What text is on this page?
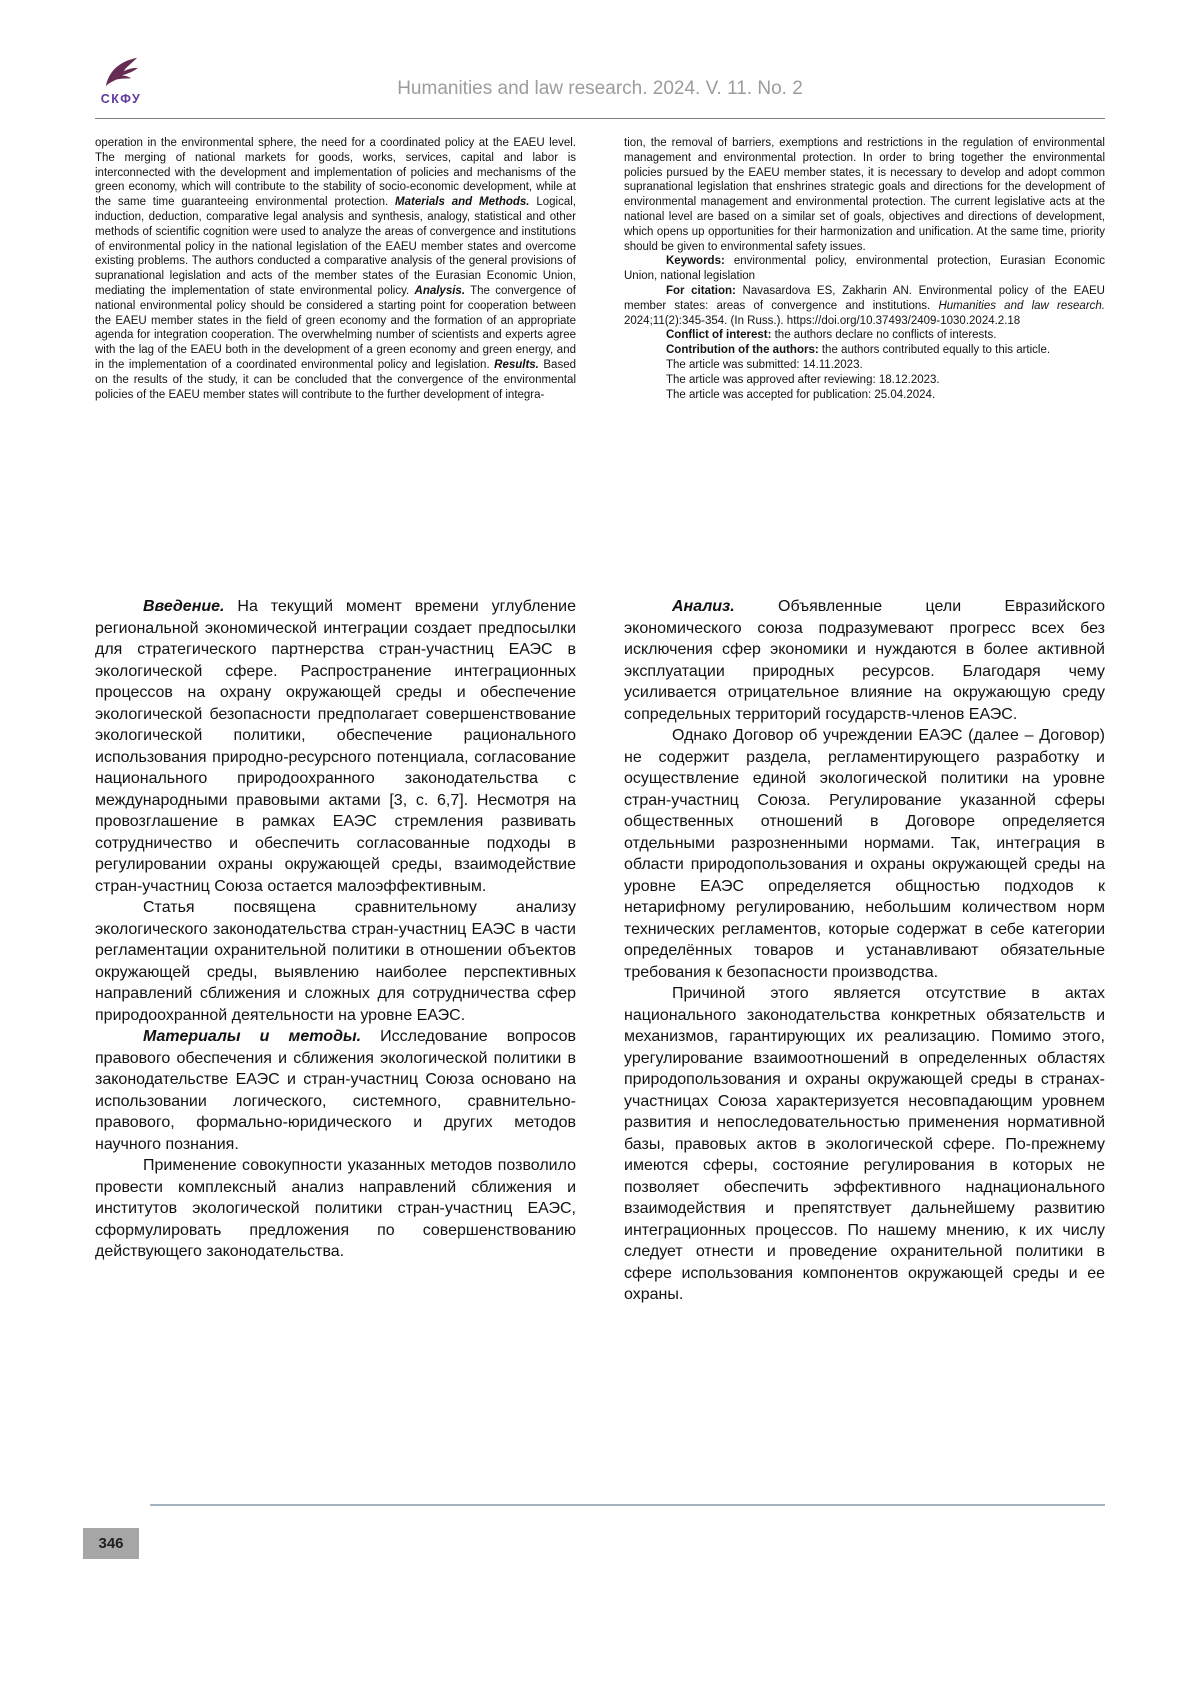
СКФУ	Humanities and law research. 2024. V. 11. No. 2

operation in the environmental sphere, the need for a coordinated policy at the EAEU level. The merging of national markets for goods, works, services, capital and labor is interconnected with the development and implementation of policies and mechanisms of the green economy, which will contribute to the stability of socio-economic development, while at the same time guaranteeing environmental protection. Materials and Methods. Logical, induction, deduction, comparative legal analysis and synthesis, analogy, statistical and other methods of scientific cognition were used to analyze the areas of convergence and institutions of environmental policy in the national legislation of the EAEU member states and overcome existing problems. The authors conducted a comparative analysis of the general provisions of supranational legislation and acts of the member states of the Eurasian Economic Union, mediating the implementation of state environmental policy. Analysis. The convergence of national environmental policy should be considered a starting point for cooperation between the EAEU member states in the field of green economy and the formation of an appropriate agenda for integration cooperation. The overwhelming number of scientists and experts agree with the lag of the EAEU both in the development of a green economy and green energy, and in the implementation of a coordinated environmental policy and legislation. Results. Based on the results of the study, it can be concluded that the convergence of the environmental policies of the EAEU member states will contribute to the further development of integra-

tion, the removal of barriers, exemptions and restrictions in the regulation of environmental management and environmental protection. In order to bring together the environmental policies pursued by the EAEU member states, it is necessary to develop and adopt common supranational legislation that enshrines strategic goals and directions for the development of environmental management and environmental protection. The current legislative acts at the national level are based on a similar set of goals, objectives and directions of development, which opens up opportunities for their harmonization and unification. At the same time, priority should be given to environmental safety issues.

Keywords: environmental policy, environmental protection, Eurasian Economic Union, national legislation

For citation: Navasardova ES, Zakharin AN. Environmental policy of the EAEU member states: areas of convergence and institutions. Humanities and law research. 2024;11(2):345-354. (In Russ.). https://doi.org/10.37493/2409-1030.2024.2.18

Conflict of interest: the authors declare no conflicts of interests.

Contribution of the authors: the authors contributed equally to this article.

The article was submitted: 14.11.2023.

The article was approved after reviewing: 18.12.2023.

The article was accepted for publication: 25.04.2024.

Введение. На текущий момент времени углубление региональной экономической интеграции создает предпосылки для стратегического партнерства стран-участниц ЕАЭС в экологической сфере. Распространение интеграционных процессов на охрану окружающей среды и обеспечение экологической безопасности предполагает совершенствование экологической политики, обеспечение рационального использования природно-ресурсного потенциала, согласование национального природоохранного законодательства с международными правовыми актами [3, с. 6,7]. Несмотря на провозглашение в рамках ЕАЭС стремления развивать сотрудничество и обеспечить согласованные подходы в регулировании охраны окружающей среды, взаимодействие стран-участниц Союза остается малоэффективным.

Статья посвящена сравнительному анализу экологического законодательства стран-участниц ЕАЭС в части регламентации охранительной политики в отношении объектов окружающей среды, выявлению наиболее перспективных направлений сближения и сложных для сотрудничества сфер природоохранной деятельности на уровне ЕАЭС.

Материалы и методы. Исследование вопросов правового обеспечения и сближения экологической политики в законодательстве ЕАЭС и стран-участниц Союза основано на использовании логического, системного, сравнительно-правового, формально-юридического и других методов научного познания.

Применение совокупности указанных методов позволило провести комплексный анализ направлений сближения и институтов экологической политики стран-участниц ЕАЭС, сформулировать предложения по совершенствованию действующего законодательства.

Анализ. Объявленные цели Евразийского экономического союза подразумевают прогресс всех без исключения сфер экономики и нуждаются в более активной эксплуатации природных ресурсов. Благодаря чему усиливается отрицательное влияние на окружающую среду сопредельных территорий государств-членов ЕАЭС.

Однако Договор об учреждении ЕАЭС (далее – Договор) не содержит раздела, регламентирующего разработку и осуществление единой экологической политики на уровне стран-участниц Союза. Регулирование указанной сферы общественных отношений в Договоре определяется отдельными разрозненными нормами. Так, интеграция в области природопользования и охраны окружающей среды на уровне ЕАЭС определяется общностью подходов к нетарифному регулированию, небольшим количеством норм технических регламентов, которые содержат в себе категории определённых товаров и устанавливают обязательные требования к безопасности производства.

Причиной этого является отсутствие в актах национального законодательства конкретных обязательств и механизмов, гарантирующих их реализацию. Помимо этого, урегулирование взаимоотношений в определенных областях природопользования и охраны окружающей среды в странах-участницах Союза характеризуется несовпадающим уровнем развития и непоследовательностью применения нормативной базы, правовых актов в экологической сфере. По-прежнему имеются сферы, состояние регулирования в которых не позволяет обеспечить эффективного наднационального взаимодействия и препятствует дальнейшему развитию интеграционных процессов. По нашему мнению, к их числу следует отнести и проведение охранительной политики в сфере использования компонентов окружающей среды и ее охраны.

346
